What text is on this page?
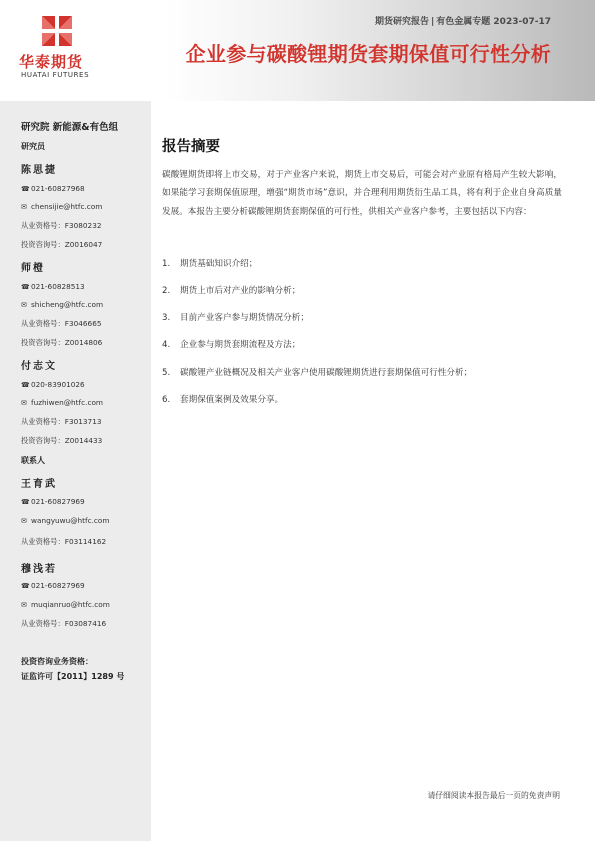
华泰期货
HUATAI FUTURES
期货研究报告 | 有色金属专题 2023-07-17
企业参与碳酸锂期货套期保值可行性分析
研究院 新能源&有色组
研究员
陈思捷
☎021-60827968
✉ chensijie@htfc.com
从业资格号：F3080232
投资咨询号：Z0016047
师橙
☎021-60828513
✉ shicheng@htfc.com
从业资格号：F3046665
投资咨询号：Z0014806
付志文
☎020-83901026
✉ fuzhiwen@htfc.com
从业资格号：F3013713
投资咨询号：Z0014433
联系人
王育武
☎021-60827969
✉ wangyuwu@htfc.com
从业资格号：F03114162
穆浅若
☎021-60827969
✉ muqianruo@htfc.com
从业资格号：F03087416
投资咨询业务资格：
证监许可【2011】1289 号
报告摘要
碳酸锂期货即将上市交易，对于产业客户来说，期货上市交易后，可能会对产业原有格局产生较大影响，如果能学习套期保值原理，增强“期货市场”意识，并合理利用期货衍生品工具，将有利于企业自身高质量发展。本报告主要分析碳酸锂期货套期保值的可行性，供相关产业客户参考，主要包括以下内容：
1. 期货基础知识介绍；
2. 期货上市后对产业的影响分析；
3. 目前产业客户参与期货情况分析；
4. 企业参与期货套期流程及方法；
5. 碳酸锂产业链概况及相关产业客户使用碳酸锂期货进行套期保值可行性分析；
6. 套期保值案例及效果分享。
请仔细阅读本报告最后一页的免责声明
